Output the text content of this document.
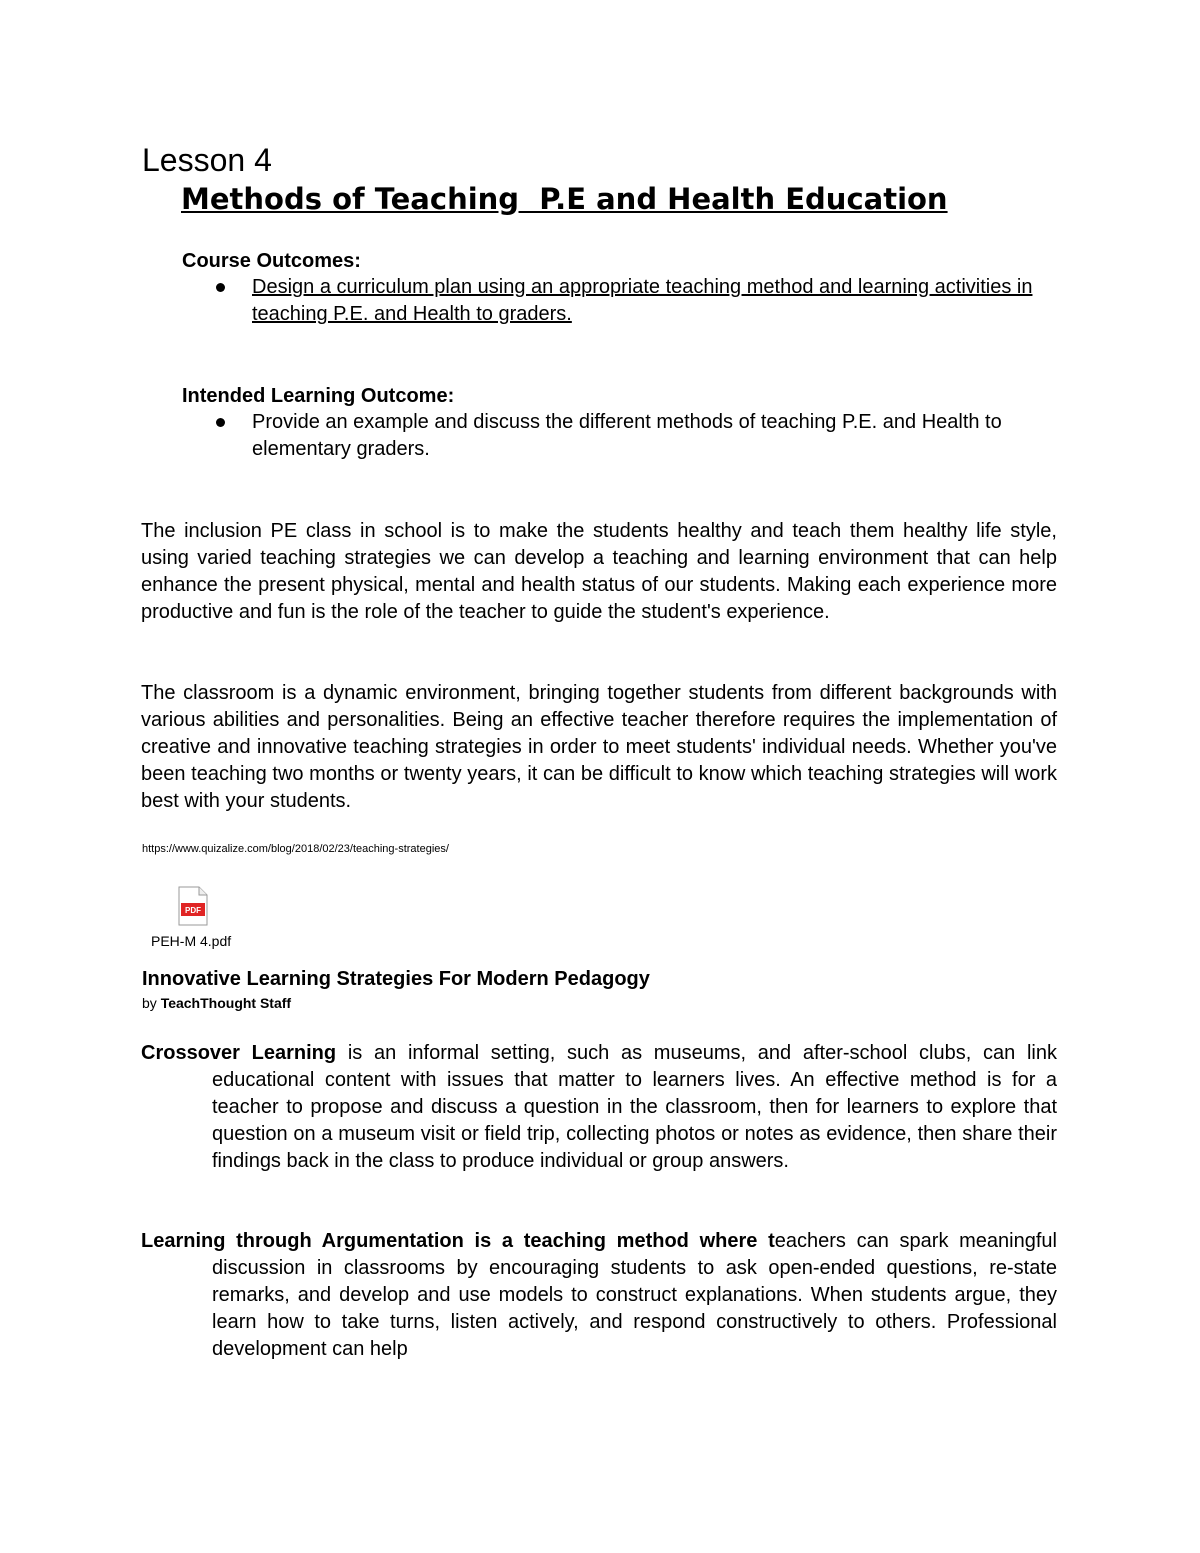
Lesson 4
Methods of Teaching  P.E and Health Education
Course Outcomes:
Design a curriculum plan using an appropriate teaching method and learning activities in teaching P.E. and Health to graders.
Intended Learning Outcome:
Provide an example and discuss the different methods of teaching P.E. and Health to elementary graders.

The inclusion PE class in school is to make the students healthy and teach them healthy life style, using varied teaching strategies we can develop a teaching and learning environment that can help enhance the present physical, mental and health status of our students. Making each experience more productive and fun is the role of the teacher to guide the student's experience.

The classroom is a dynamic environment, bringing together students from different backgrounds with various abilities and personalities. Being an effective teacher therefore requires the implementation of creative and innovative teaching strategies in order to meet students' individual needs. Whether you've been teaching two months or twenty years, it can be difficult to know which teaching strategies will work best with your students.

https://www.quizalize.com/blog/2018/02/23/teaching-strategies/
PDF
PEH-M 4.pdf
Innovative Learning Strategies For Modern Pedagogy
by TeachThought Staff

Crossover Learning is an informal setting, such as museums, and after-school clubs, can link educational content with issues that matter to learners lives. An effective method is for a teacher to propose and discuss a question in the classroom, then for learners to explore that question on a museum visit or field trip, collecting photos or notes as evidence, then share their findings back in the class to produce individual or group answers.

Learning through Argumentation is a teaching method where teachers can spark meaningful discussion in classrooms by encouraging students to ask open-ended questions, re-state remarks, and develop and use models to construct explanations. When students argue, they learn how to take turns, listen actively, and respond constructively to others. Professional development can help
